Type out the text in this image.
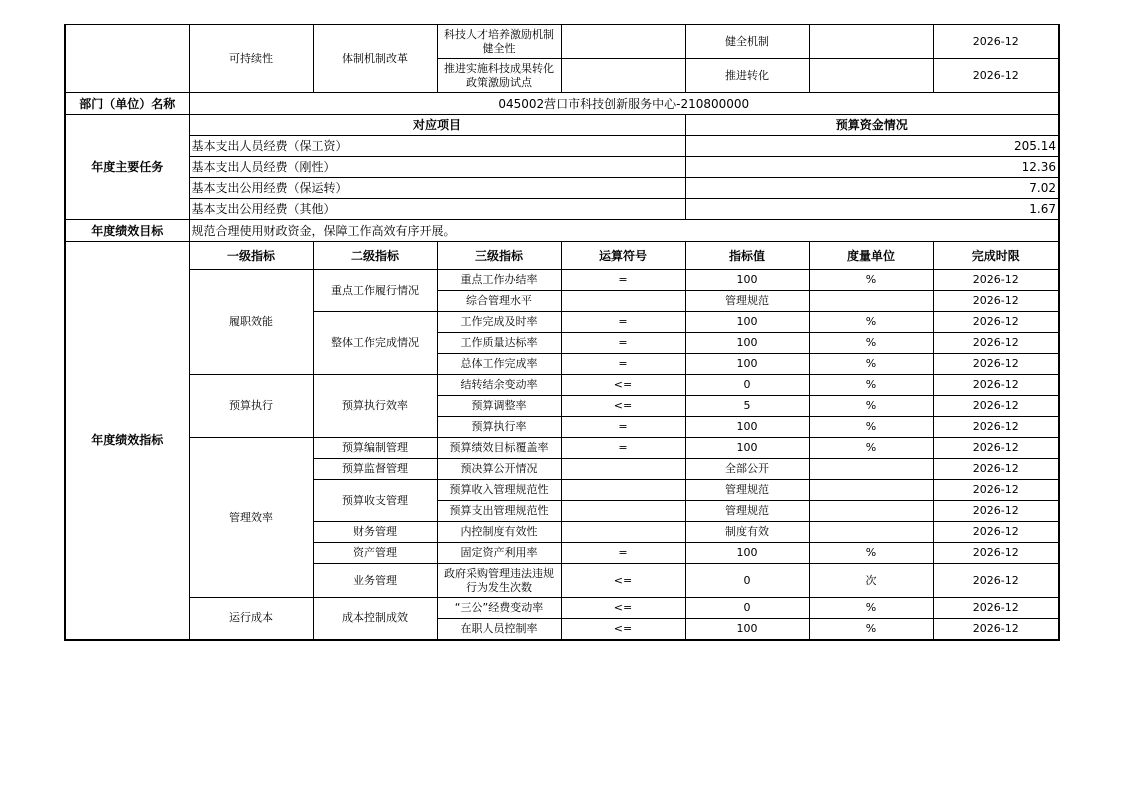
	可持续性	体制机制改革	科技人才培养激励机制健全性		健全机制		2026-12
			推进实施科技成果转化政策激励试点		推进转化		2026-12
部门（单位）名称	045002营口市科技创新服务中心-210800000						
年度主要任务	对应项目				预算资金情况		
	基本支出人员经费（保工资）				205.14		
	基本支出人员经费（刚性）				12.36		
	基本支出公用经费（保运转）				7.02		
	基本支出公用经费（其他）				1.67		
年度绩效目标	规范合理使用财政资金，保障工作高效有序开展。						
年度绩效指标	一级指标	二级指标	三级指标	运算符号	指标值	度量单位	完成时限
	履职效能	重点工作履行情况	重点工作办结率	=	100	%	2026-12
			综合管理水平		管理规范		2026-12
		整体工作完成情况	工作完成及时率	=	100	%	2026-12
			工作质量达标率	=	100	%	2026-12
			总体工作完成率	=	100	%	2026-12
	预算执行	预算执行效率	结转结余变动率	<=	0	%	2026-12
			预算调整率	<=	5	%	2026-12
			预算执行率	=	100	%	2026-12
	管理效率	预算编制管理	预算绩效目标覆盖率	=	100	%	2026-12
		预算监督管理	预决算公开情况		全部公开		2026-12
		预算收支管理	预算收入管理规范性		管理规范		2026-12
			预算支出管理规范性		管理规范		2026-12
		财务管理	内控制度有效性		制度有效		2026-12
		资产管理	固定资产利用率	=	100	%	2026-12
		业务管理	政府采购管理违法违规行为发生次数	<=	0	次	2026-12
	运行成本	成本控制成效	“三公”经费变动率	<=	0	%	2026-12
			在职人员控制率	<=	100	%	2026-12
